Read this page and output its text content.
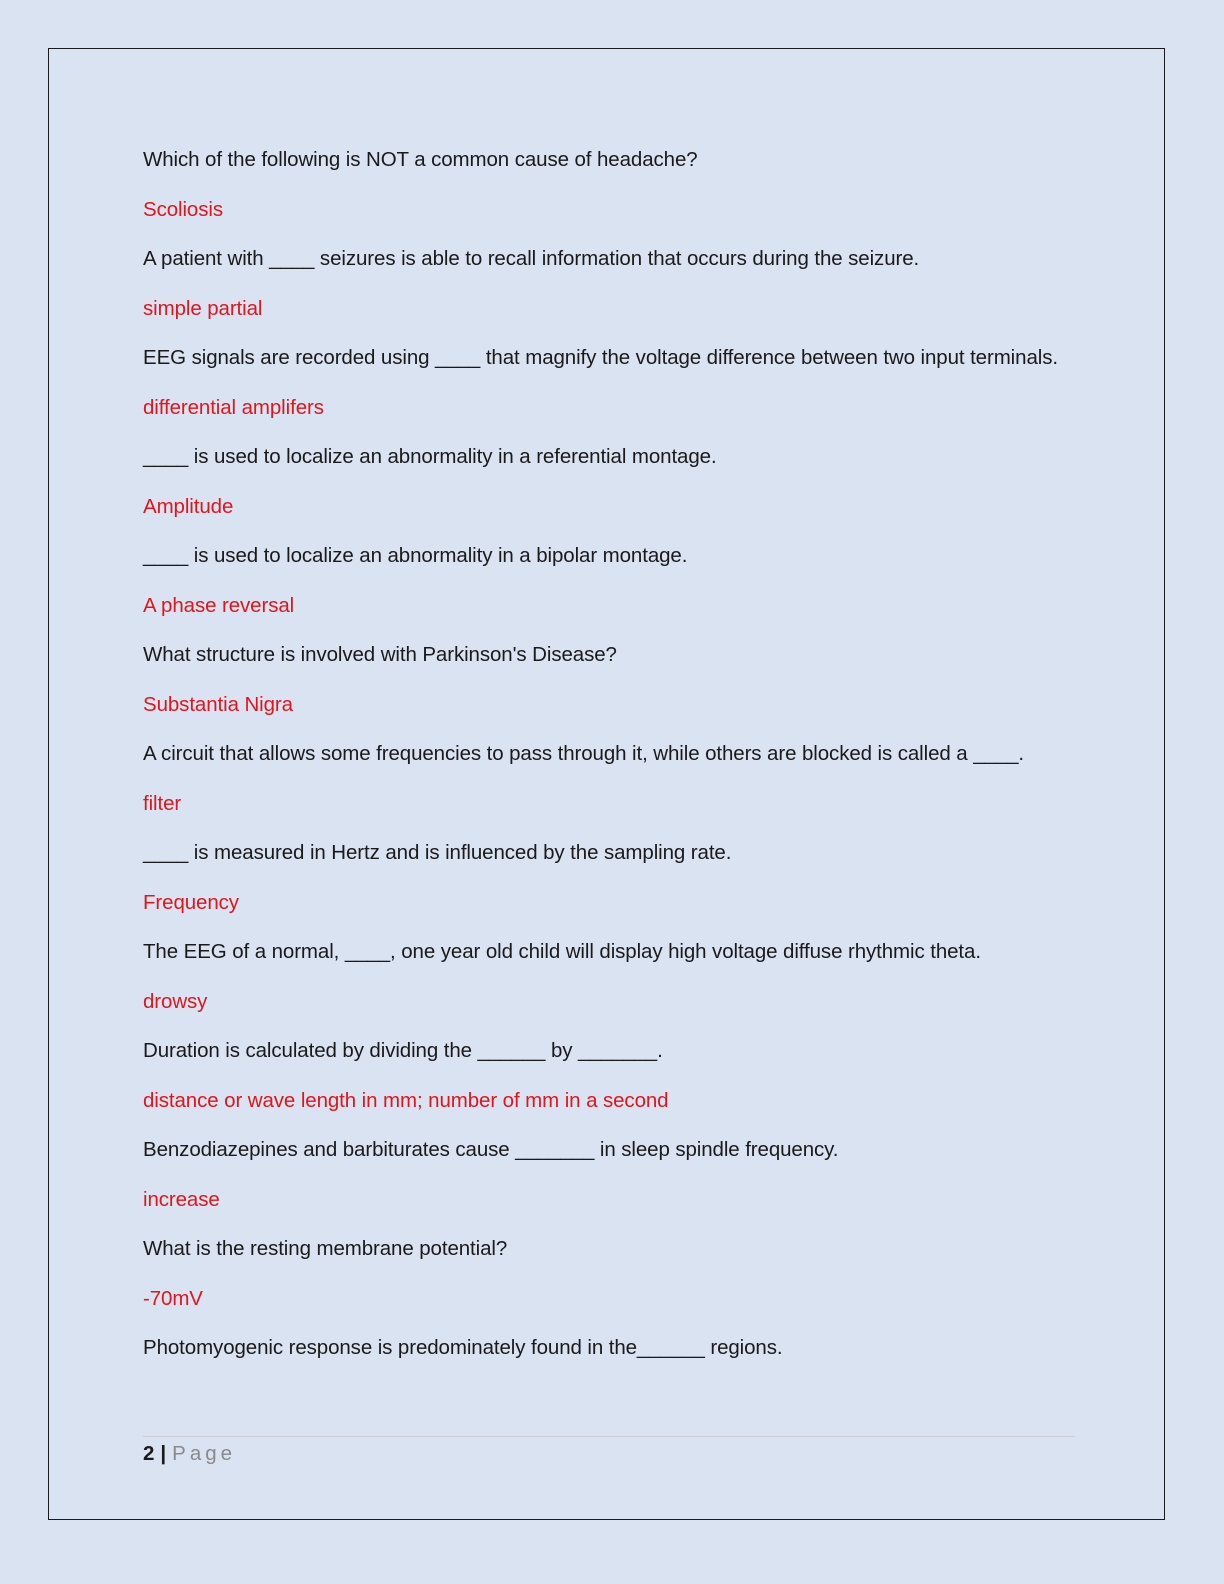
Which of the following is NOT a common cause of headache?

Scoliosis

A patient with ____ seizures is able to recall information that occurs during the seizure.

simple partial

EEG signals are recorded using ____ that magnify the voltage difference between two input terminals.

differential amplifers

____ is used to localize an abnormality in a referential montage.

Amplitude

____ is used to localize an abnormality in a bipolar montage.

A phase reversal

What structure is involved with Parkinson's Disease?

Substantia Nigra

A circuit that allows some frequencies to pass through it, while others are blocked is called a ____.

filter

____ is measured in Hertz and is influenced by the sampling rate.

Frequency

The EEG of a normal, ____, one year old child will display high voltage diffuse rhythmic theta.

drowsy

Duration is calculated by dividing the ______ by _______.

distance or wave length in mm; number of mm in a second

Benzodiazepines and barbiturates cause _______ in sleep spindle frequency.

increase

What is the resting membrane potential?

-70mV

Photomyogenic response is predominately found in the______ regions.

2 | Page
